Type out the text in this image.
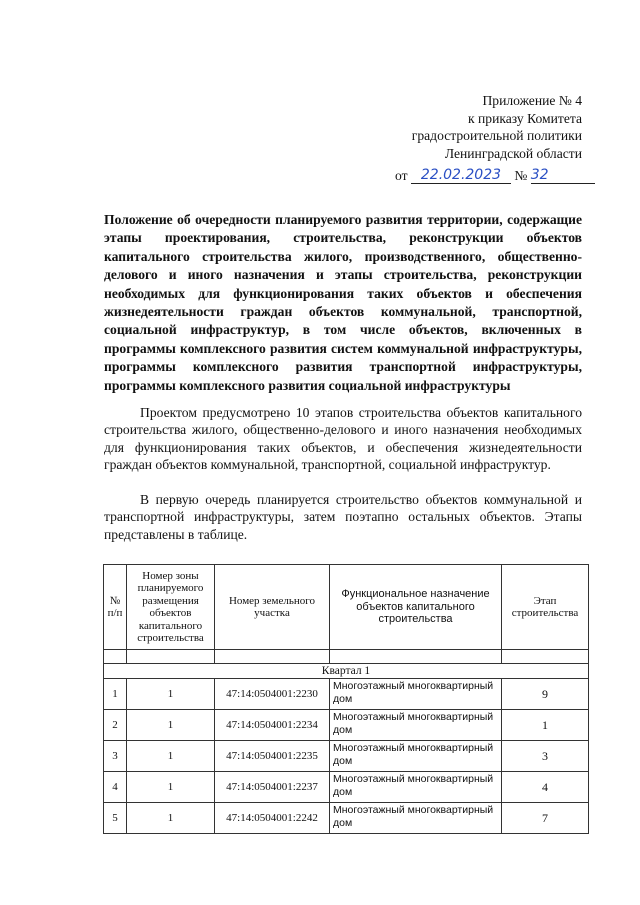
Приложение № 4
к приказу Комитета
градостроительной политики
Ленинградской области
от 22.02.2023 № 32
Положение об очередности планируемого развития территории, содержащие этапы проектирования, строительства, реконструкции объектов капитального строительства жилого, производственного, общественно-делового и иного назначения и этапы строительства, реконструкции необходимых для функционирования таких объектов и обеспечения жизнедеятельности граждан объектов коммунальной, транспортной, социальной инфраструктур, в том числе объектов, включенных в программы комплексного развития систем коммунальной инфраструктуры, программы комплексного развития транспортной инфраструктуры, программы комплексного развития социальной инфраструктуры
Проектом предусмотрено 10 этапов строительства объектов капитального строительства жилого, общественно-делового и иного назначения необходимых для функционирования таких объектов, и обеспечения жизнедеятельности граждан объектов коммунальной, транспортной, социальной инфраструктур.
В первую очередь планируется строительство объектов коммунальной и транспортной инфраструктуры, затем поэтапно остальных объектов. Этапы представлены в таблице.
№ п/п	Номер зоны планируемого размещения объектов капитального строительства	Номер земельного участка	Функциональное назначение объектов капитального строительства	Этап строительства

Квартал 1				
1	1	47:14:0504001:2230	Многоэтажный многоквартирный дом	9
2	1	47:14:0504001:2234	Многоэтажный многоквартирный дом	1
3	1	47:14:0504001:2235	Многоэтажный многоквартирный дом	3
4	1	47:14:0504001:2237	Многоэтажный многоквартирный дом	4
5	1	47:14:0504001:2242	Многоэтажный многоквартирный дом	7
